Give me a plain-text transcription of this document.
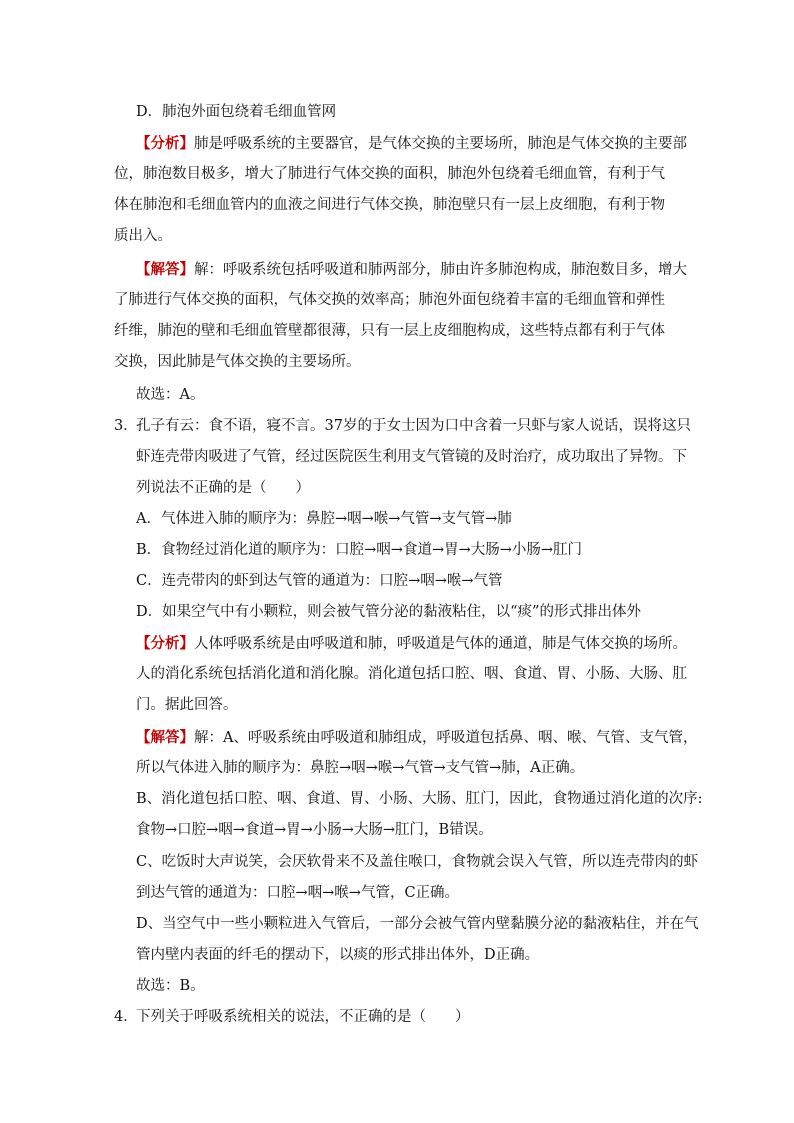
D．肺泡外面包绕着毛细血管网
【分析】肺是呼吸系统的主要器官，是气体交换的主要场所，肺泡是气体交换的主要部
位，肺泡数目极多，增大了肺进行气体交换的面积，肺泡外包绕着毛细血管，有利于气
体在肺泡和毛细血管内的血液之间进行气体交换，肺泡壁只有一层上皮细胞，有利于物
质出入。
【解答】解：呼吸系统包括呼吸道和肺两部分，肺由许多肺泡构成，肺泡数目多，增大
了肺进行气体交换的面积，气体交换的效率高；肺泡外面包绕着丰富的毛细血管和弹性
纤维，肺泡的壁和毛细血管壁都很薄，只有一层上皮细胞构成，这些特点都有利于气体
交换，因此肺是气体交换的主要场所。
故选：A。
3．孔子有云：食不语，寝不言。37岁的于女士因为口中含着一只虾与家人说话，误将这只
虾连壳带肉吸进了气管，经过医院医生利用支气管镜的及时治疗，成功取出了异物。下
列说法不正确的是（　　）
A．气体进入肺的顺序为：鼻腔→咽→喉→气管→支气管→肺
B．食物经过消化道的顺序为：口腔→咽→食道→胃→大肠→小肠→肛门
C．连壳带肉的虾到达气管的通道为：口腔→咽→喉→气管
D．如果空气中有小颗粒，则会被气管分泌的黏液粘住，以“痰”的形式排出体外
【分析】人体呼吸系统是由呼吸道和肺，呼吸道是气体的通道，肺是气体交换的场所。
人的消化系统包括消化道和消化腺。消化道包括口腔、咽、食道、胃、小肠、大肠、肛
门。据此回答。
【解答】解：A、呼吸系统由呼吸道和肺组成，呼吸道包括鼻、咽、喉、气管、支气管，
所以气体进入肺的顺序为：鼻腔→咽→喉→气管→支气管→肺，A正确。
B、消化道包括口腔、咽、食道、胃、小肠、大肠、肛门，因此，食物通过消化道的次序:
食物→口腔→咽→食道→胃→小肠→大肠→肛门，B错误。
C、吃饭时大声说笑，会厌软骨来不及盖住喉口，食物就会误入气管，所以连壳带肉的虾
到达气管的通道为：口腔→咽→喉→气管，C正确。
D、当空气中一些小颗粒进入气管后，一部分会被气管内壁黏膜分泌的黏液粘住，并在气
管内壁内表面的纤毛的摆动下，以痰的形式排出体外，D正确。
故选：B。
4．下列关于呼吸系统相关的说法，不正确的是（　　）
